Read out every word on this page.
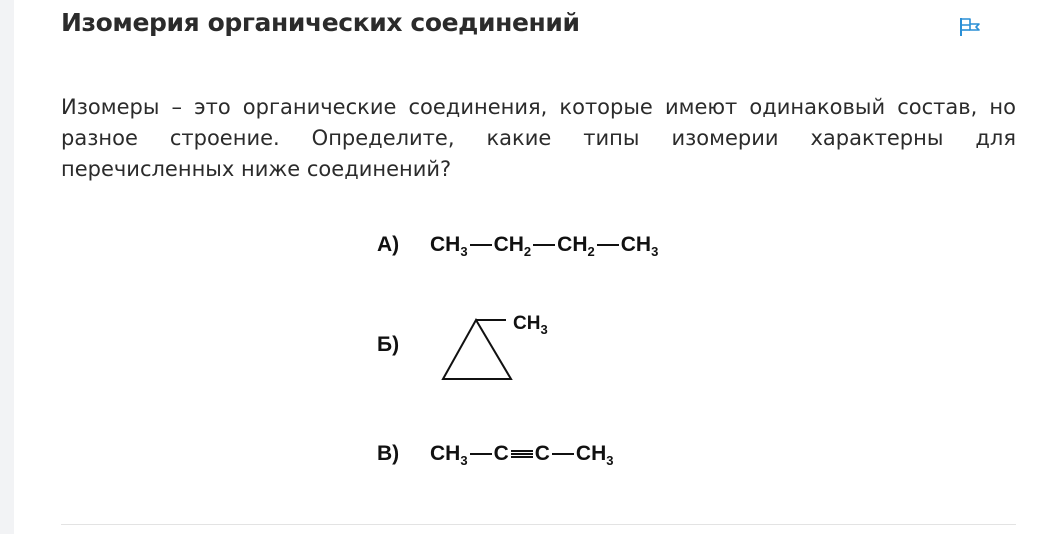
Изомерия органических соединений
Изомеры – это органические соединения, которые имеют одинаковый состав, но разное строение. Определите, какие типы изомерии характерны для перечисленных ниже соединений?
А) $CH_3$ $CH_2$ $CH_2$ $CH_3$
Б)
$CH_3$
В) $CH_3$ C C $CH_3$
